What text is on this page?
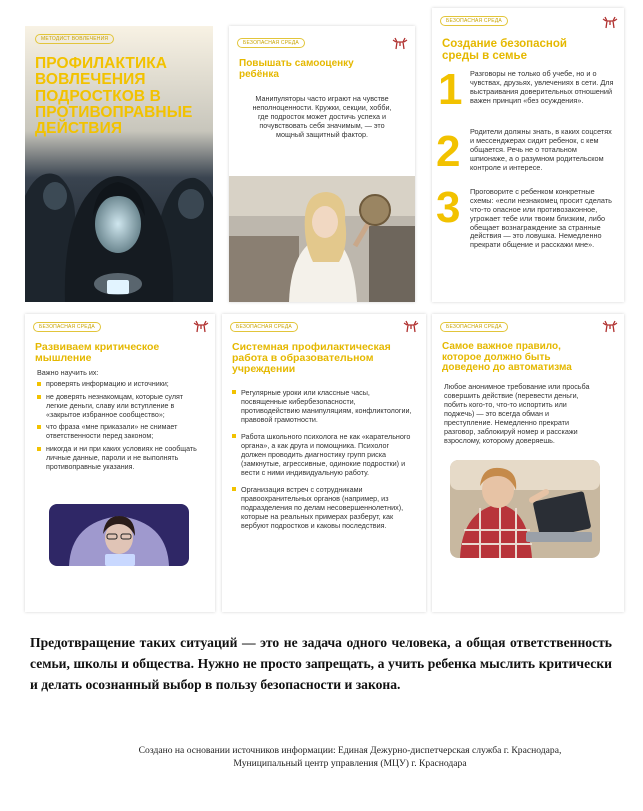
МЕТОДИСТ ВОВЛЕЧЕНИЯ
ПРОФИЛАКТИКА
ВОВЛЕЧЕНИЯ
ПОДРОСТКОВ В
ПРОТИВОПРАВНЫЕ
ДЕЙСТВИЯ
БЕЗОПАСНАЯ СРЕДА
Повышать самооценку ребёнка
Манипуляторы часто играют на чувстве неполноценности. Кружки, секции, хобби, где подросток может достичь успеха и почувствовать себя значимым, — это мощный защитный фактор.
БЕЗОПАСНАЯ СРЕДА
Создание безопасной среды в семье
1 Разговоры не только об учебе, но и о чувствах, друзьях, увлечениях в сети. Для выстраивания доверительных отношений важен принцип «без осуждения».
2 Родители должны знать, в каких соцсетях и мессенджерах сидит ребенок, с кем общается. Речь не о тотальном шпионаже, а о разумном родительском контроле и интересе.
3 Проговорите с ребенком конкретные схемы: «если незнакомец просит сделать что-то опасное или противозаконное, угрожает тебе или твоим близким, либо обещает вознаграждение за странные действия — это ловушка. Немедленно прекрати общение и расскажи мне».
БЕЗОПАСНАЯ СРЕДА
Развиваем критическое мышление
Важно научить их:
проверять информацию и источники;
не доверять незнакомцам, которые сулят легкие деньги, славу или вступление в «закрытое избранное сообщество»;
что фраза «мне приказали» не снимает ответственности перед законом;
никогда и ни при каких условиях не сообщать личные данные, пароли и не выполнять противоправные указания.
БЕЗОПАСНАЯ СРЕДА
Системная профилактическая работа в образовательном учреждении
Регулярные уроки или классные часы, посвященные кибербезопасности, противодействию манипуляциям, конфликтологии, правовой грамотности.
Работа школьного психолога не как «карательного органа», а как друга и помощника. Психолог должен проводить диагностику групп риска (замкнутые, агрессивные, одинокие подростки) и вести с ними индивидуальную работу.
Организация встреч с сотрудниками правоохранительных органов (например, из подразделения по делам несовершеннолетних), которые на реальных примерах разберут, как вербуют подростков и каковы последствия.
БЕЗОПАСНАЯ СРЕДА
Самое важное правило, которое должно быть доведено до автоматизма
Любое анонимное требование или просьба совершить действие (перевести деньги, побить кого-то, что-то испортить или поджечь) — это всегда обман и преступление. Немедленно прекрати разговор, заблокируй номер и расскажи взрослому, которому доверяешь.
Предотвращение таких ситуаций — это не задача одного человека, а общая ответственность семьи, школы и общества. Нужно не просто запрещать, а учить ребенка мыслить критически и делать осознанный выбор в пользу безопасности и закона.
Создано на основании источников информации: Единая Дежурно-диспетчерская служба г. Краснодара,
Муниципальный центр управления (МЦУ) г. Краснодара
